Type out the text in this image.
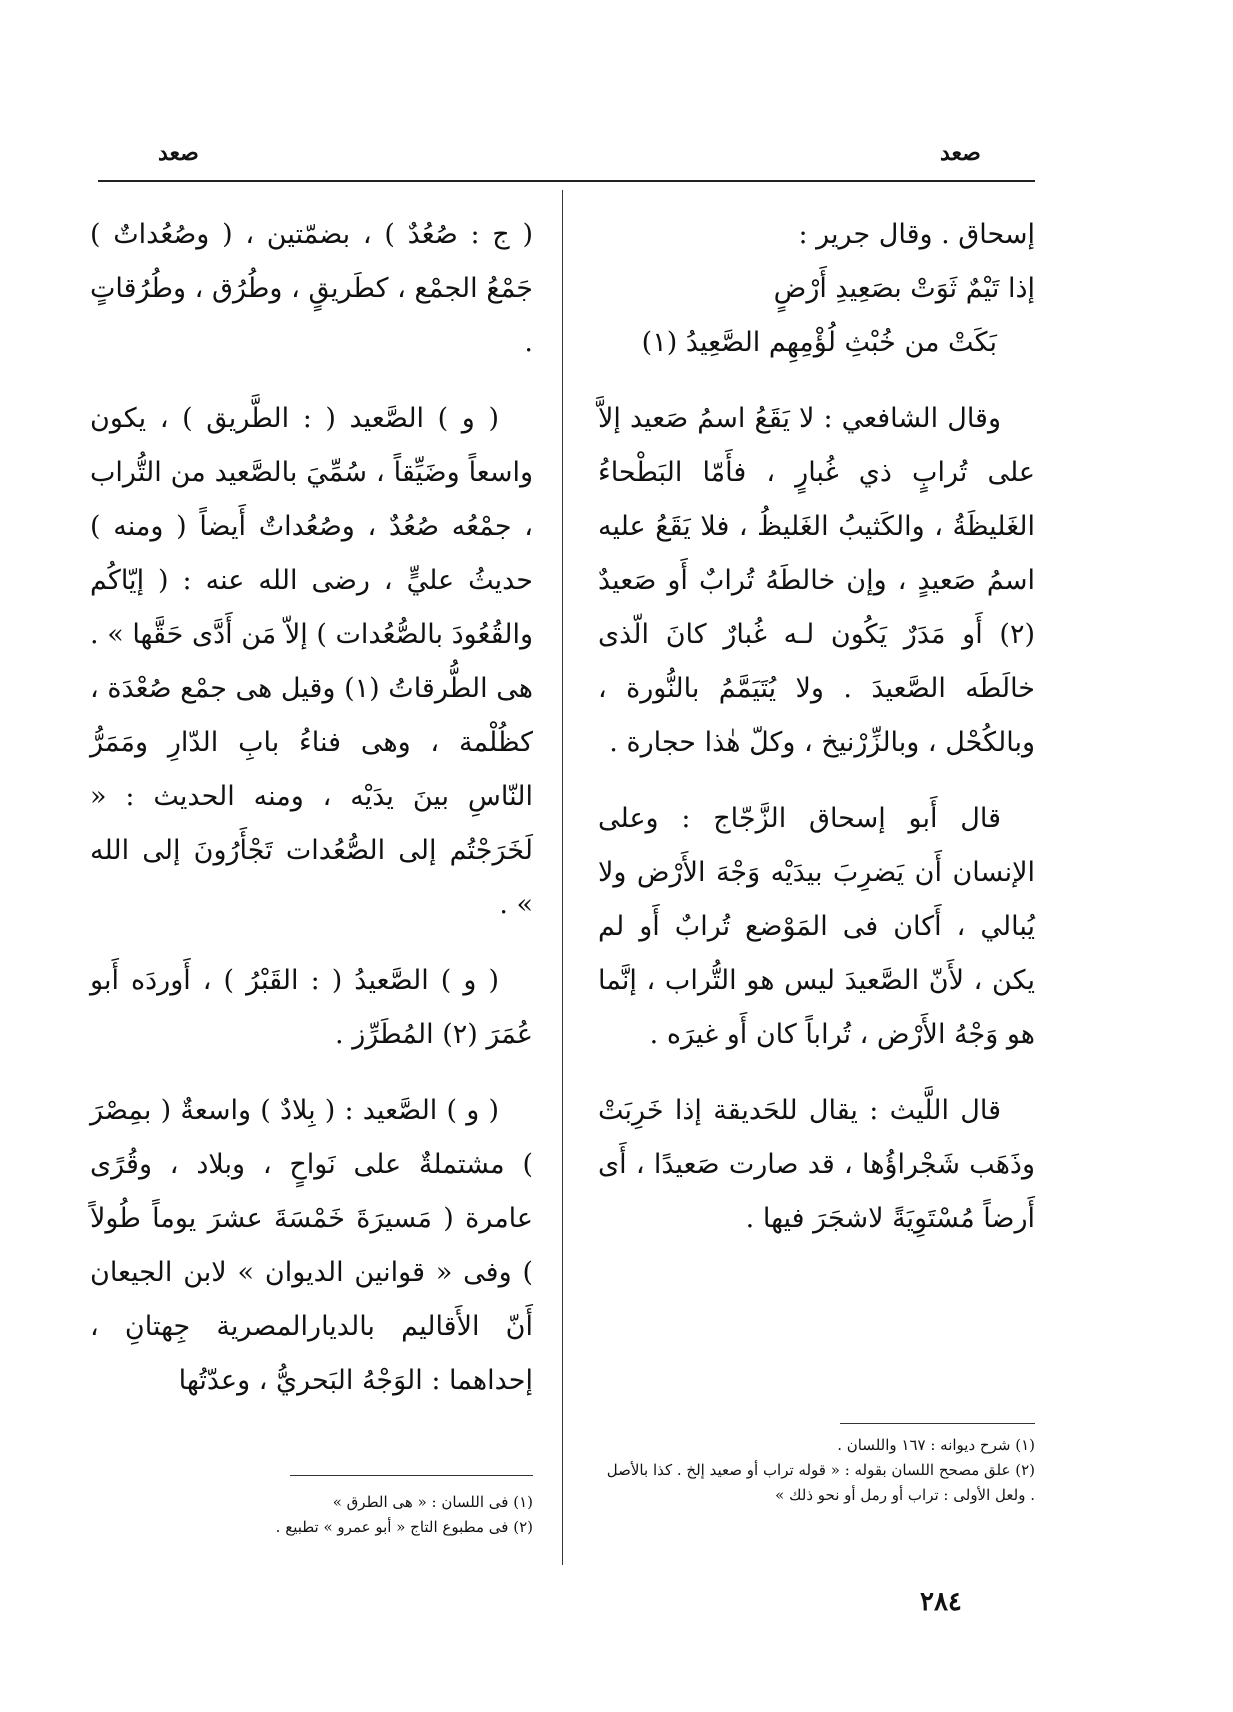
صعد	صعد

إسحاق . وقال جرير :

إذا تَيْمٌ ثَوَتْ بصَعِيدِ أَرْضٍ
بَكَتْ من خُبْثِ لُؤْمِهِم الصَّعِيدُ (١)

وقال الشافعي : لا يَقَعُ اسمُ صَعيد إلاَّ على تُرابٍ ذي غُبارٍ ، فأَمّا البَطْحاءُ الغَليظَةُ ، والكَثيبُ الغَليظُ ، فلا يَقَعُ عليه اسمُ صَعيدٍ ، وإن خالطَهُ تُرابٌ أَو صَعيدٌ (٢) أَو مَدَرٌ يَكُون لـه غُبارٌ كانَ الّذى خالَطَه الصَّعيدَ . ولا يُتَيَمَّمُ بالنُّورة ، وبالكُحْل ، وبالزِّرْنيخ ، وكلّ هٰذا حجارة .

قال أَبو إسحاق الزَّجّاج : وعلى الإنسان أَن يَضرِبَ بيدَيْه وَجْهَ الأَرْض ولا يُبالي ، أَكان فى المَوْضع تُرابٌ أَو لم يكن ، لأَنّ الصَّعيدَ ليس هو التُّراب ، إنَّما هو وَجْهُ الأَرْض ، تُراباً كان أَو غيرَه .

قال اللَّيث : يقال للحَديقة إذا خَرِبَتْ وذَهَب شَجْراؤُها ، قد صارت صَعيدًا ، أَى أَرضاً مُسْتَوِيَةً لاشجَرَ فيها .

(١) شرح ديوانه : ١٦٧ واللسان .
(٢) علق مصحح اللسان بقوله : « قوله تراب أو صعيد إلخ . كذا بالأصل . ولعل الأولى : تراب أو رمل أو نحو ذلك »

( ج : صُعُدٌ ) ، بضمّتين ، ( وصُعُداتٌ ) جَمْعُ الجمْع ، كطَريقٍ ، وطُرُق ، وطُرُقاتٍ .

( و ) الصَّعيد ( : الطَّريق ) ، يكون واسعاً وضَيِّقاً ، سُمِّيَ بالصَّعيد من التُّراب ، جمْعُه صُعُدٌ ، وصُعُداتٌ أَيضاً ( ومنه ) حديثُ عليٍّ ، رضى الله عنه : ( إيّاكُم والقُعُودَ بالصُّعُدات ) إلاّ مَن أَدَّى حَقَّها » . هى الطُّرقاتُ (١) وقيل هى جمْع صُعْدَة ، كظُلْمة ، وهى فناءُ بابِ الدّارِ ومَمَرُّ النّاسِ بينَ يدَيْه ، ومنه الحديث : « لَخَرَجْتُم إلى الصُّعُدات تَجْأَرُونَ إلى الله » .

( و ) الصَّعيدُ ( : القَبْرُ ) ، أَوردَه أَبو عُمَرَ (٢) المُطَرِّز .

( و ) الصَّعيد : ( بِلادٌ ) واسعةٌ ( بمِصْرَ ) مشتملةٌ على نَواحٍ ، وبلاد ، وقُرًى عامرة ( مَسيرَةَ خَمْسَةَ عشرَ يوماً طُولاً ) وفى « قوانين الديوان » لابن الجيعان أَنّ الأَقاليم بالديارالمصرية جِهتانِ ، إحداهما : الوَجْهُ البَحريُّ ، وعدّتُها

(١) فى اللسان : « هى الطرق »
(٢) فى مطبوع التاج « أبو عمرو » تطبيع .
٢٨٤
